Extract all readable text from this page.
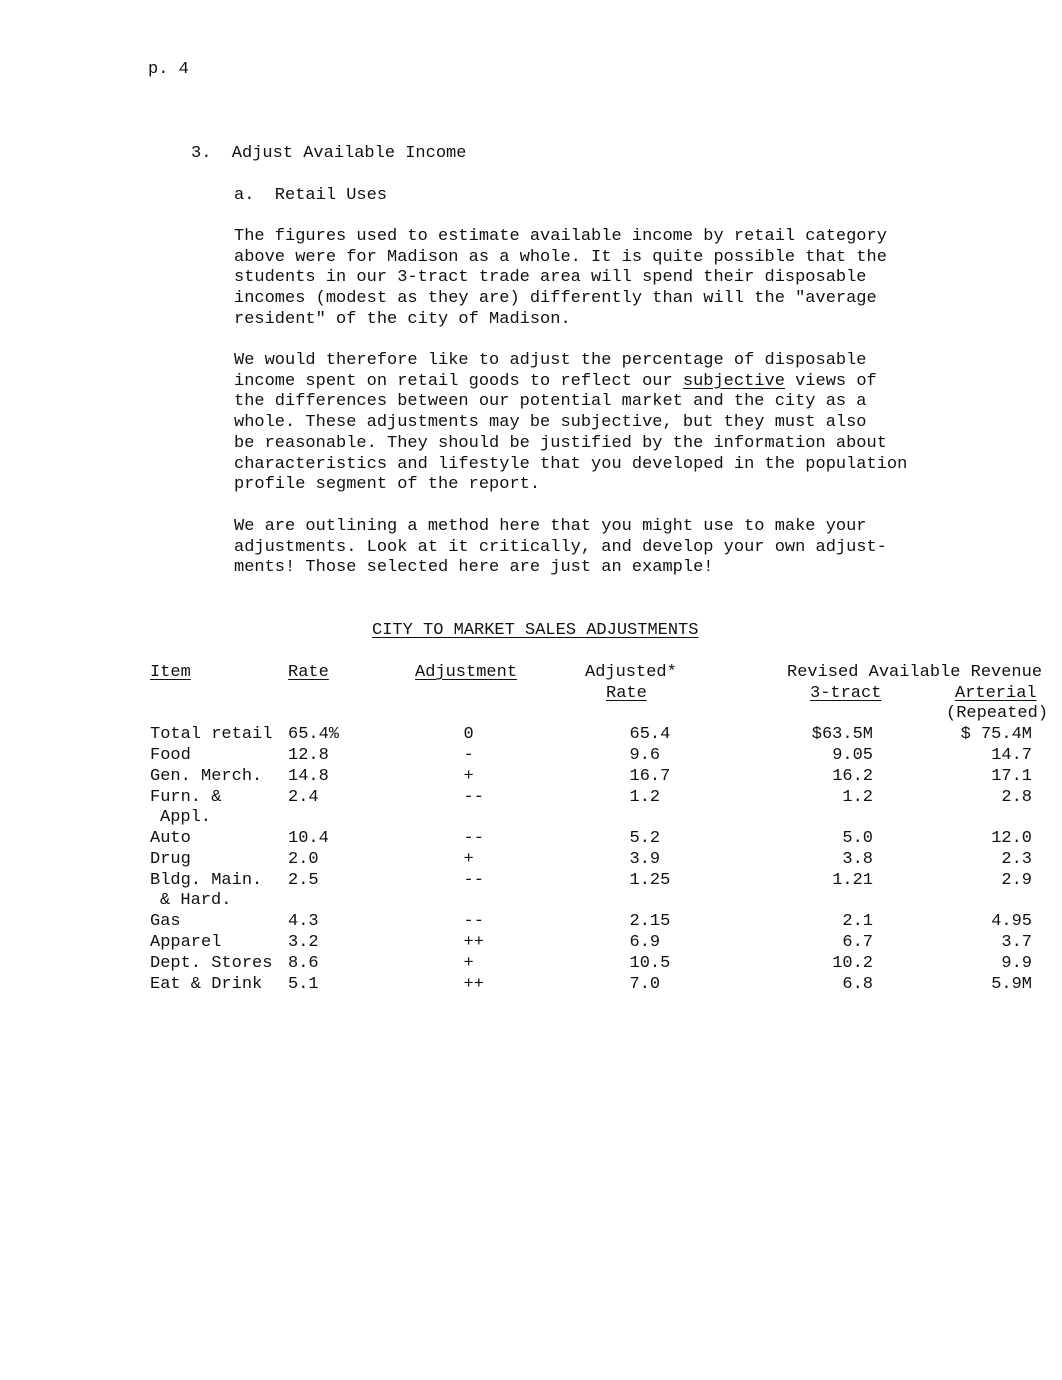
p. 4
3.  Adjust Available Income
a.  Retail Uses
The figures used to estimate available income by retail category
above were for Madison as a whole. It is quite possible that the
students in our 3-tract trade area will spend their disposable
incomes (modest as they are) differently than will the "average
resident" of the city of Madison.
We would therefore like to adjust the percentage of disposable
income spent on retail goods to reflect our subjective views of
the differences between our potential market and the city as a
whole. These adjustments may be subjective, but they must also
be reasonable. They should be justified by the information about
characteristics and lifestyle that you developed in the population
profile segment of the report.
We are outlining a method here that you might use to make your
adjustments. Look at it critically, and develop your own adjust-
ments! Those selected here are just an example!
CITY TO MARKET SALES ADJUSTMENTS
Item	Rate	Adjustment	Adjusted*
Rate
Revised Available Revenue
3-tract	Arterial
(Repeated)
Total retail 65.4%	0	65.4	$63.5M	$ 75.4M
Food	12.8	-	9.6	9.05	14.7
Gen. Merch. 14.8	+	16.7	16.2	17.1
Furn. &	2.4	--	1.2	1.2	2.8
Appl.
Auto	10.4	--	5.2	5.0	12.0
Drug	2.0	+	3.9	3.8	2.3
Bldg. Main. 2.5	--	1.25	1.21	2.9
& Hard.
Gas	4.3	--	2.15	2.1	4.95
Apparel	3.2	++	6.9	6.7	3.7
Dept. Stores 8.6	+	10.5	10.2	9.9
Eat & Drink 5.1	++	7.0	6.8	5.9M
